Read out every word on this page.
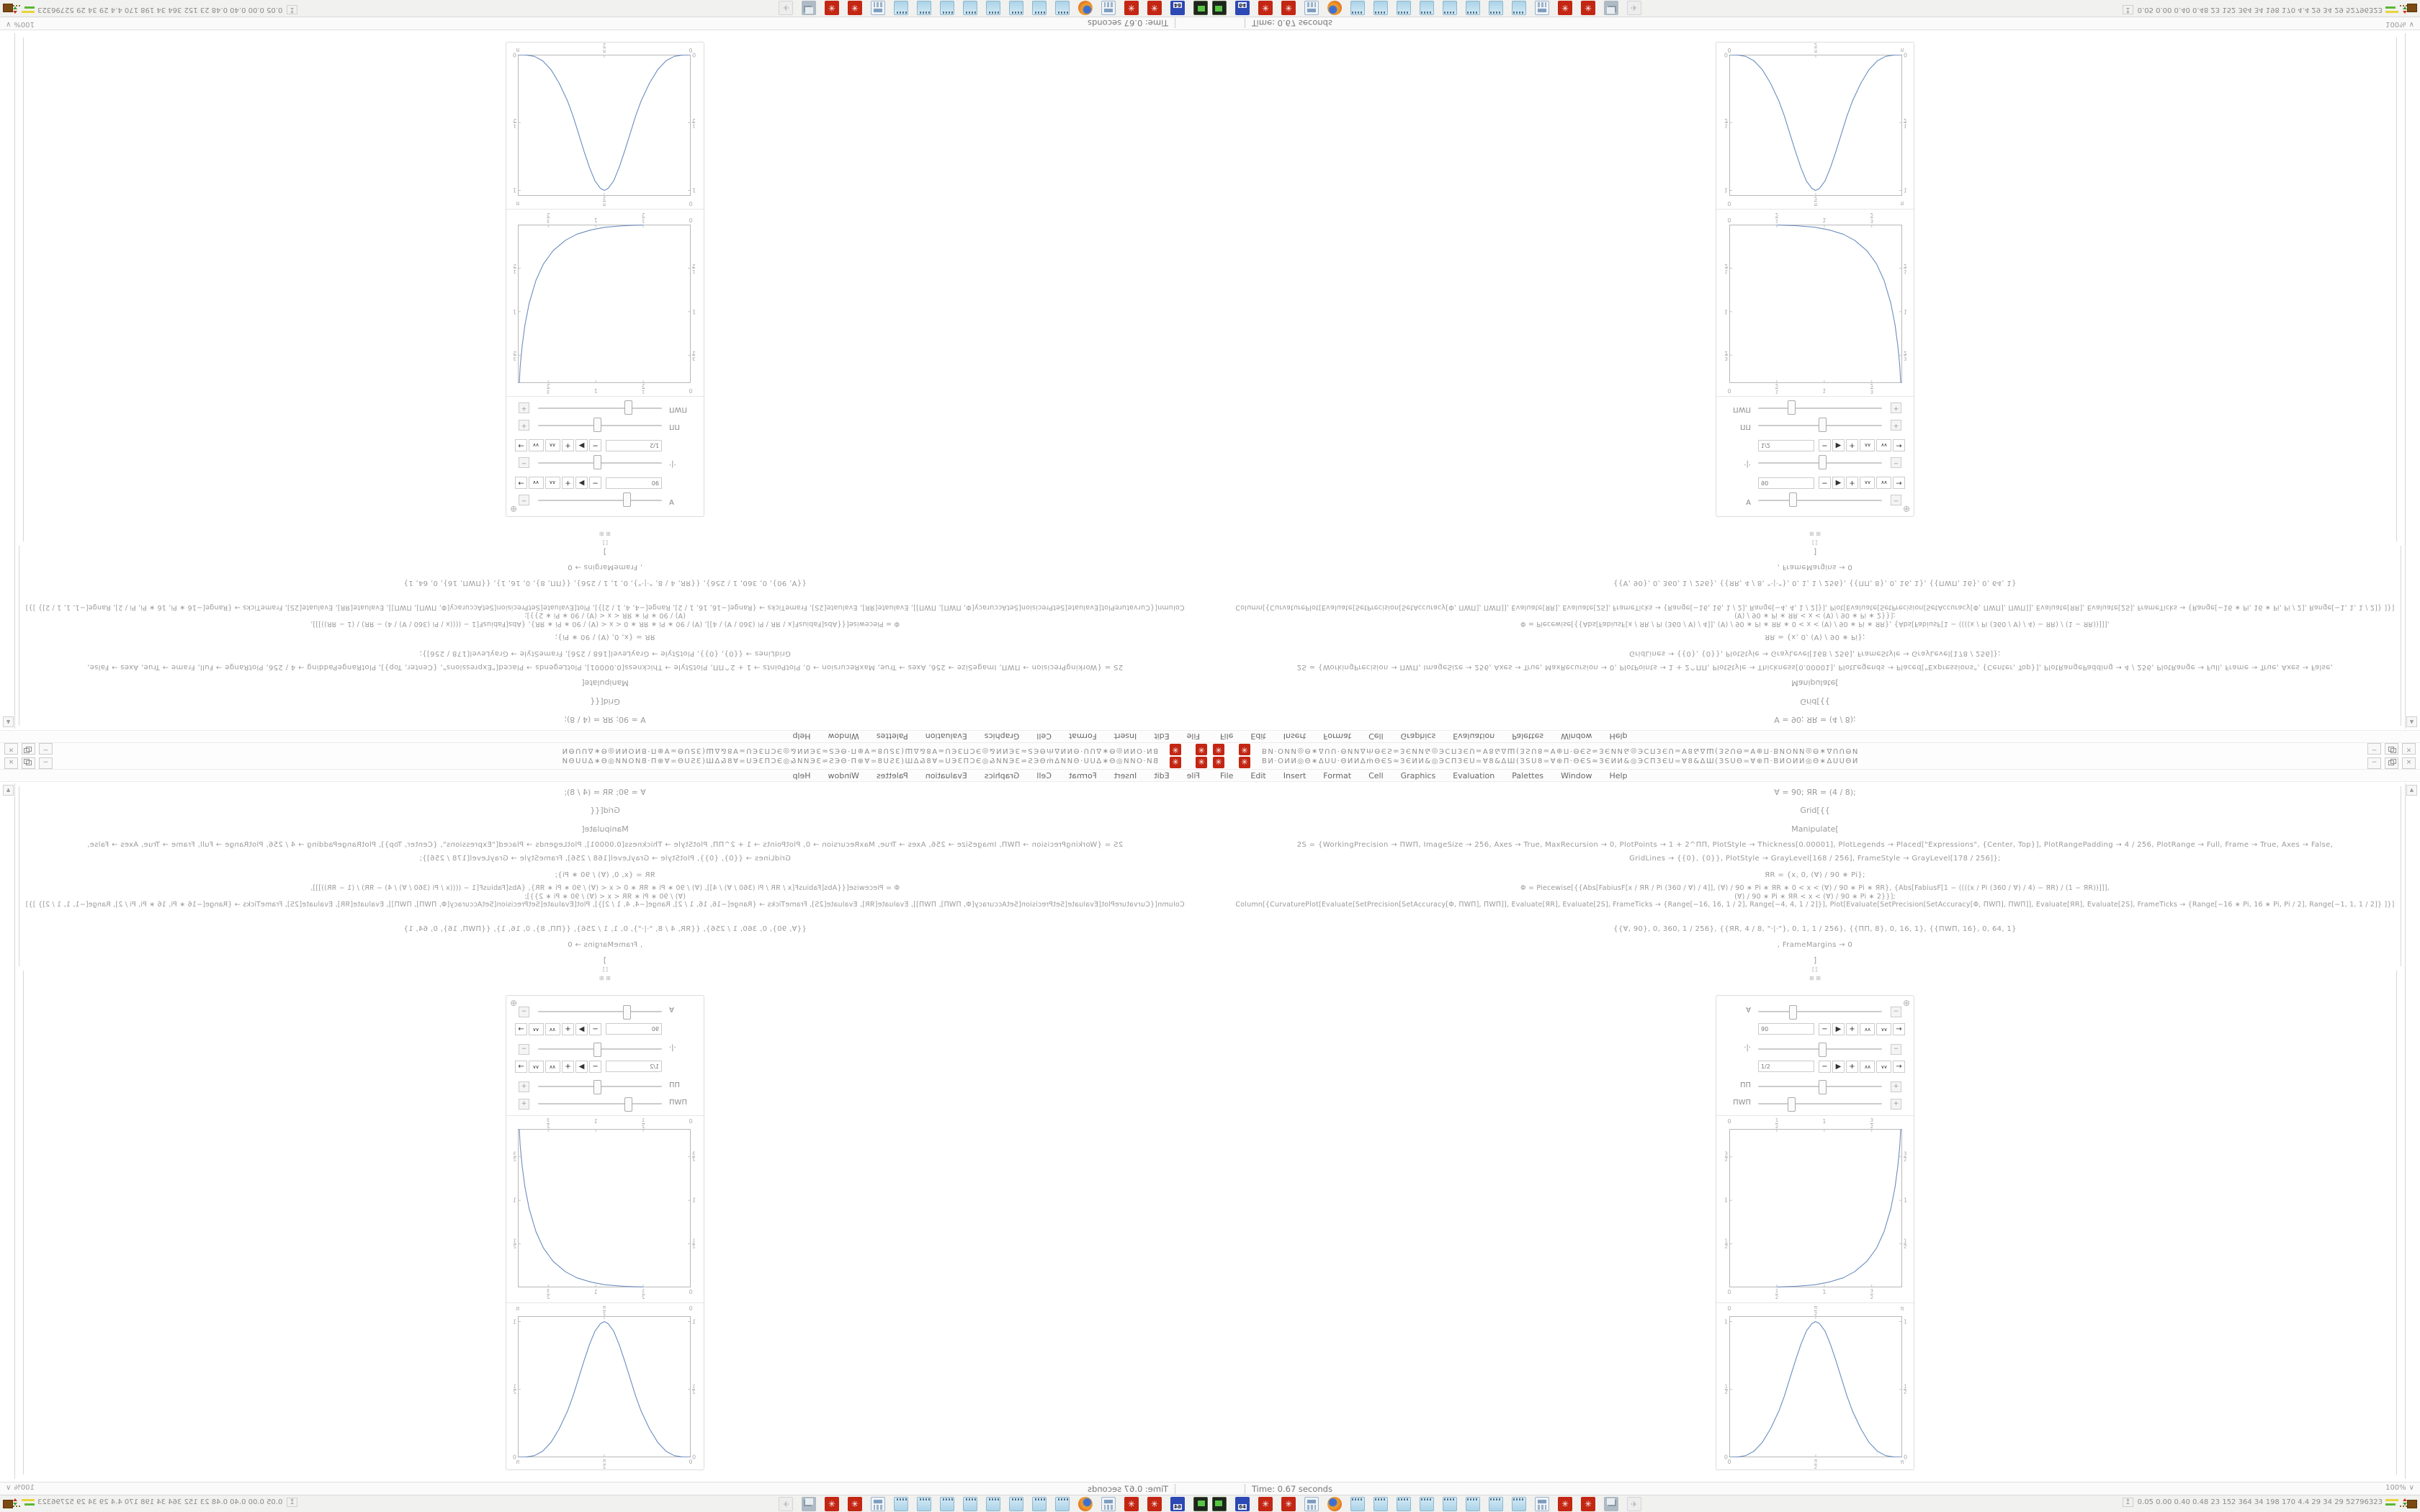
✳
✳
ΒИ·ΟИИ◎Θ∗ΔUU·ΘИИΔṁΘЄS≈ЗЄИИ&◎ЭCПЗЄU=Ɐ8&ΔШ(ЗSU8=Ɐ⊕П·ΘЄS≈ЗЄИИ&◎ЭCПЗЄU=Ɐ8&ΔШ(ЗSUΘ=Ɐ⊕П·ΒИΟИИ◎Θ∗ΔUUΘИ
−
×
File
Edit
Insert
Format
Cell
Graphics
Evaluation
Palettes
Window
Help
Ɐ = 90; ЯR = (4 / 8);
Grid[{{
Manipulate[
2S = {WorkingPrecision → ΠWΠ, ImageSize → 256, Axes → True, MaxRecursion → 0, PlotPoints → 1 + 2^ΠΠ, PlotStyle → Thickness[0.00001], PlotLegends → Placed["Expressions", {Center, Top}], PlotRangePadding → 4 / 256, PlotRange → Full, Frame → True, Axes → False,
GridLines → {{0}, {0}}, PlotStyle → GrayLevel[168 / 256], FrameStyle → GrayLevel[178 / 256]};
ЯR = {x, 0, (Ɐ) / 90 ∗ Pi};
Φ = Piecewise[{{Abs[FabiusF[x / ЯR / Pi (360 / Ɐ) / 4]], (Ɐ) / 90 ∗ Pi ∗ ЯR ∗ 0 < x < (Ɐ) / 90 ∗ Pi ∗ ЯR}, {Abs[FabiusF[1 − ((((x / Pi (360 / Ɐ) / 4) − ЯR) / (1 − ЯR))]]],
(Ɐ) / 90 ∗ Pi ∗ ЯR < x < (Ɐ) / 90 ∗ Pi ∗ 2}}];
Column[{CurvaturePlot[Evaluate[SetPrecision[SetAccuracy[Φ, ΠWΠ], ΠWΠ]], Evaluate[ЯR], Evaluate[2S], FrameTicks → {Range[−16, 16, 1 / 2], Range[−4, 4, 1 / 2]}], Plot[Evaluate[SetPrecision[SetAccuracy[Φ, ΠWΠ], ΠWΠ]], Evaluate[ЯR], Evaluate[2S], FrameTicks → {Range[−16 ∗ Pi, 16 ∗ Pi, Pi / 2], Range[−1, 1, 1 / 2]} ]}]
{{Ɐ, 90}, 0, 360, 1 / 256}, {{ЯR, 4 / 8, "·|·"}, 0, 1, 1 / 256}, {{ΠΠ, 8}, 0, 16, 1}, {{ΠWΠ, 16}, 0, 64, 1}
, FrameMargins → 0
]
⟦⟧
⊞ ⊞
▲
⊕
Ɐ
−
90
−
▶
+
∧∧
∨∨
→
·|·
−
1/2
−
▶
+
∧∧
∨∨
→
ΠΠ
+
ΠWΠ
+
0
1
2
1
3
2
1
2
1
3
2
1
2
1
3
2
0
1
2
1
3
2
0
π
2
π
0
1
2
1
0
1
2
1
0
π
2
π
Time: 0.67 seconds
100%
∨
64
✳
✳
✳
✳
✈
↥0.05 0.00 0.40 0.48 23 152 364 34 198 170 4.4 29 34 29 52796323
✳	✳	ΒИ·ΟИИ◎Θ∗ΔUU·ΘИИΔṁΘЄS≈ЗЄИИ&◎ЭCПЗЄU=Ɐ8&ΔШ(ЗSU8=Ɐ⊕П·ΘЄS≈ЗЄИИ&◎ЭCПЗЄU=Ɐ8&ΔШ(ЗSUΘ=Ɐ⊕П·ΒИΟИИ◎Θ∗ΔUUΘИ	−	×
File Edit Insert Format Cell Graphics Evaluation Palettes Window Help
Ɐ = 90; ЯR = (4 / 8);
Grid[{{
Manipulate[
2S = {WorkingPrecision → ΠWΠ, ImageSize → 256, Axes → True, MaxRecursion → 0, PlotPoints → 1 + 2^ΠΠ, PlotStyle → Thickness[0.00001], PlotLegends → Placed["Expressions", {Center, Top}], PlotRangePadding → 4 / 256, PlotRange → Full, Frame → True, Axes → False,
GridLines → {{0}, {0}}, PlotStyle → GrayLevel[168 / 256], FrameStyle → GrayLevel[178 / 256]};
ЯR = {x, 0, (Ɐ) / 90 ∗ Pi};
Φ = Piecewise[{{Abs[FabiusF[x / ЯR / Pi (360 / Ɐ) / 4]], (Ɐ) / 90 ∗ Pi ∗ ЯR ∗ 0 < x < (Ɐ) / 90 ∗ Pi ∗ ЯR}, {Abs[FabiusF[1 − ((((x / Pi (360 / Ɐ) / 4) − ЯR) / (1 − ЯR))]]],
(Ɐ) / 90 ∗ Pi ∗ ЯR < x < (Ɐ) / 90 ∗ Pi ∗ 2}}];
Column[{CurvaturePlot[Evaluate[SetPrecision[SetAccuracy[Φ, ΠWΠ], ΠWΠ]], Evaluate[ЯR], Evaluate[2S], FrameTicks → {Range[−16, 16, 1 / 2], Range[−4, 4, 1 / 2]}], Plot[Evaluate[SetPrecision[SetAccuracy[Φ, ΠWΠ], ΠWΠ]], Evaluate[ЯR], Evaluate[2S], FrameTicks → {Range[−16 ∗ Pi, 16 ∗ Pi, Pi / 2], Range[−1, 1, 1 / 2]} ]}]
{{Ɐ, 90}, 0, 360, 1 / 256}, {{ЯR, 4 / 8, "·|·"}, 0, 1, 1 / 256}, {{ΠΠ, 8}, 0, 16, 1}, {{ΠWΠ, 16}, 0, 64, 1}
, FrameMargins → 0
]
⟦⟧
⊞ ⊞
▲
⊕
Ɐ	−
90	−	▶	+	∧∧	∨∨	→
·|·	−
1/2	−	▶	+	∧∧	∨∨	→
ΠΠ	+
ΠWΠ	+
0	1
2
1	3
2
1
2
1
3
2
1
2
1
3
2
0	1
2
1	3
2
0	π
2
π
0
1
2
1
0
1
2
1
0	π
2
π
Time: 0.67 seconds	100% ∨
64	✳	✳	✳	✳	✈	↥ 0.05 0.00 0.40 0.48 23 152 364 34 198 170 4.4 29 34 29 52796323
✳
✳
ΒИ·ΟИИ◎Θ∗ΔUU·ΘИИΔṁΘЄS≈ЗЄИИ&◎ЭCПЗЄU=Ɐ8&ΔШ(ЗSU8=Ɐ⊕П·ΘЄS≈ЗЄИИ&◎ЭCПЗЄU=Ɐ8&ΔШ(ЗSUΘ=Ɐ⊕П·ΒИΟИИ◎Θ∗ΔUUΘИ
−
×
File
Edit
Insert
Format
Cell
Graphics
Evaluation
Palettes
Window
Help
Ɐ = 90; ЯR = (4 / 8);
Grid[{{
Manipulate[
2S = {WorkingPrecision → ΠWΠ, ImageSize → 256, Axes → True, MaxRecursion → 0, PlotPoints → 1 + 2^ΠΠ, PlotStyle → Thickness[0.00001], PlotLegends → Placed["Expressions", {Center, Top}], PlotRangePadding → 4 / 256, PlotRange → Full, Frame → True, Axes → False,
GridLines → {{0}, {0}}, PlotStyle → GrayLevel[168 / 256], FrameStyle → GrayLevel[178 / 256]};
ЯR = {x, 0, (Ɐ) / 90 ∗ Pi};
Φ = Piecewise[{{Abs[FabiusF[x / ЯR / Pi (360 / Ɐ) / 4]], (Ɐ) / 90 ∗ Pi ∗ ЯR ∗ 0 < x < (Ɐ) / 90 ∗ Pi ∗ ЯR}, {Abs[FabiusF[1 − ((((x / Pi (360 / Ɐ) / 4) − ЯR) / (1 − ЯR))]]],
(Ɐ) / 90 ∗ Pi ∗ ЯR < x < (Ɐ) / 90 ∗ Pi ∗ 2}}];
Column[{CurvaturePlot[Evaluate[SetPrecision[SetAccuracy[Φ, ΠWΠ], ΠWΠ]], Evaluate[ЯR], Evaluate[2S], FrameTicks → {Range[−16, 16, 1 / 2], Range[−4, 4, 1 / 2]}], Plot[Evaluate[SetPrecision[SetAccuracy[Φ, ΠWΠ], ΠWΠ]], Evaluate[ЯR], Evaluate[2S], FrameTicks → {Range[−16 ∗ Pi, 16 ∗ Pi, Pi / 2], Range[−1, 1, 1 / 2]} ]}]
{{Ɐ, 90}, 0, 360, 1 / 256}, {{ЯR, 4 / 8, "·|·"}, 0, 1, 1 / 256}, {{ΠΠ, 8}, 0, 16, 1}, {{ΠWΠ, 16}, 0, 64, 1}
, FrameMargins → 0
]
⟦⟧
⊞ ⊞
▲
⊕
Ɐ
−
90
−
▶
+
∧∧
∨∨
→
·|·
−
1/2
−
▶
+
∧∧
∨∨
→
ΠΠ
+
ΠWΠ
+
0
$\frac{1}{2}$
1
$\frac{3}{2}$
$\frac{1}{2}$
1
$\frac{3}{2}$
$\frac{1}{2}$
1
$\frac{3}{2}$
0
$\frac{1}{2}$
1
$\frac{3}{2}$
0
$\frac{\pi}{2}$
π
0
$\frac{1}{2}$
1
0
$\frac{1}{2}$
1
0
$\frac{\pi}{2}$
π
Time: 0.67 seconds
100%
∨
64
✳
✳
✳
✳
✈
↥0.05 0.00 0.40 0.48 23 152 364 34 198 170 4.4 29 34 29 52796323
✳	✳	ΒИ·ΟИИ◎Θ∗ΔUU·ΘИИΔṁΘЄS≈ЗЄИИ&◎ЭCПЗЄU=Ɐ8&ΔШ(ЗSU8=Ɐ⊕П·ΘЄS≈ЗЄИИ&◎ЭCПЗЄU=Ɐ8&ΔШ(ЗSUΘ=Ɐ⊕П·ΒИΟИИ◎Θ∗ΔUUΘИ	−	×
File Edit Insert Format Cell Graphics Evaluation Palettes Window Help
Ɐ = 90; ЯR = (4 / 8);
Grid[{{
Manipulate[
2S = {WorkingPrecision → ΠWΠ, ImageSize → 256, Axes → True, MaxRecursion → 0, PlotPoints → 1 + 2^ΠΠ, PlotStyle → Thickness[0.00001], PlotLegends → Placed["Expressions", {Center, Top}], PlotRangePadding → 4 / 256, PlotRange → Full, Frame → True, Axes → False,
GridLines → {{0}, {0}}, PlotStyle → GrayLevel[168 / 256], FrameStyle → GrayLevel[178 / 256]};
ЯR = {x, 0, (Ɐ) / 90 ∗ Pi};
Φ = Piecewise[{{Abs[FabiusF[x / ЯR / Pi (360 / Ɐ) / 4]], (Ɐ) / 90 ∗ Pi ∗ ЯR ∗ 0 < x < (Ɐ) / 90 ∗ Pi ∗ ЯR}, {Abs[FabiusF[1 − ((((x / Pi (360 / Ɐ) / 4) − ЯR) / (1 − ЯR))]]],
(Ɐ) / 90 ∗ Pi ∗ ЯR < x < (Ɐ) / 90 ∗ Pi ∗ 2}}];
Column[{CurvaturePlot[Evaluate[SetPrecision[SetAccuracy[Φ, ΠWΠ], ΠWΠ]], Evaluate[ЯR], Evaluate[2S], FrameTicks → {Range[−16, 16, 1 / 2], Range[−4, 4, 1 / 2]}], Plot[Evaluate[SetPrecision[SetAccuracy[Φ, ΠWΠ], ΠWΠ]], Evaluate[ЯR], Evaluate[2S], FrameTicks → {Range[−16 ∗ Pi, 16 ∗ Pi, Pi / 2], Range[−1, 1, 1 / 2]} ]}]
{{Ɐ, 90}, 0, 360, 1 / 256}, {{ЯR, 4 / 8, "·|·"}, 0, 1, 1 / 256}, {{ΠΠ, 8}, 0, 16, 1}, {{ΠWΠ, 16}, 0, 64, 1}
, FrameMargins → 0
]
⟦⟧
⊞ ⊞
▲
⊕
Ɐ	−
90	−	▶	+	∧∧	∨∨	→
·|·	−
1/2	−	▶	+	∧∧	∨∨	→
ΠΠ	+
ΠWΠ	+
0	$\frac{1}{2}$	1	$\frac{3}{2}$
$\frac{1}{2}$
1
$\frac{3}{2}$
$\frac{1}{2}$
1
$\frac{3}{2}$
0	$\frac{1}{2}$	1	$\frac{3}{2}$
0	$\frac{\pi}{2}$	π
0
$\frac{1}{2}$
1
0
$\frac{1}{2}$
1
0	$\frac{\pi}{2}$	π
Time: 0.67 seconds	100% ∨
64	✳	✳	✳	✳	✈	↥ 0.05 0.00 0.40 0.48 23 152 364 34 198 170 4.4 29 34 29 52796323
